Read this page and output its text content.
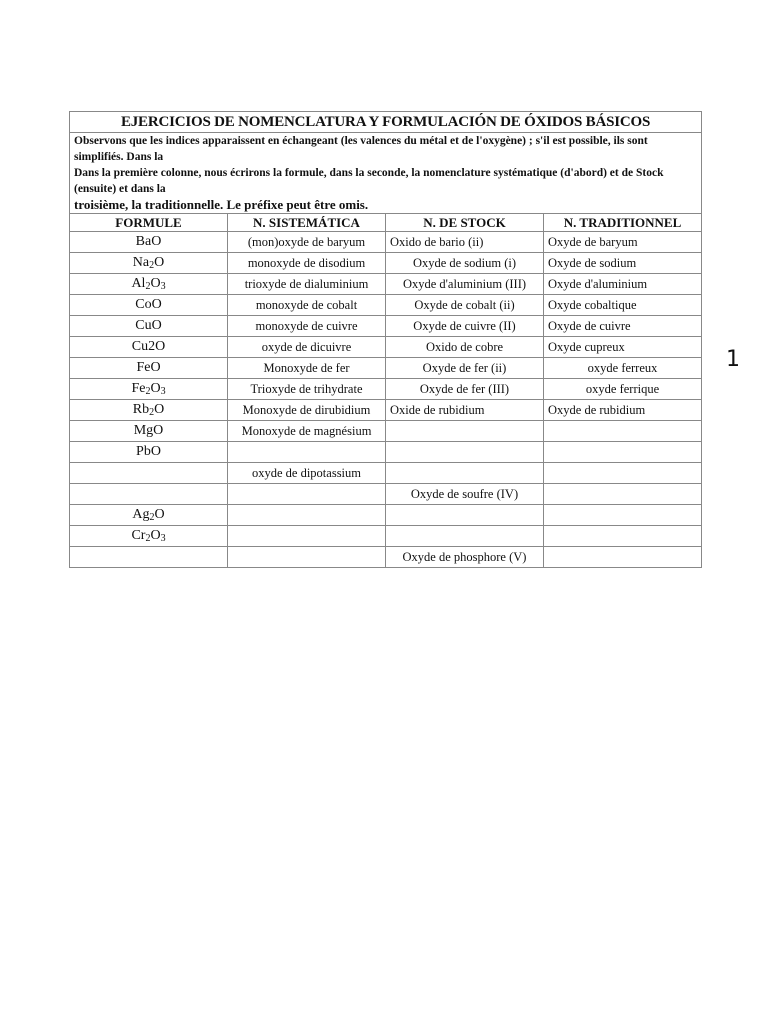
EJERCICIOS DE NOMENCLATURA Y FORMULACIÓN DE ÓXIDOS BÁSICOS			

Observons que les indices apparaissent en échangeant (les valences du métal et de l'oxygène) ; s'il est possible, ils sont simplifiés. Dans la
Dans la première colonne, nous écrirons la formule, dans la seconde, la nomenclature systématique (d'abord) et de Stock (ensuite) et dans la
troisième, la traditionnelle. Le préfixe peut être omis.			

FORMULE	N. SISTEMÁTICA	N. DE STOCK	N. TRADITIONNEL
BaO	(mon)oxyde de baryum	Oxido de bario (ii)	Oxyde de baryum
$Na_2O$	monoxyde de disodium	Oxyde de sodium (i)	Oxyde de sodium
$Al_2O_3$	trioxyde de dialuminium	Oxyde d'aluminium (III)	Oxyde d'aluminium
CoO	monoxyde de cobalt	Oxyde de cobalt (ii)	Oxyde cobaltique
CuO	monoxyde de cuivre	Oxyde de cuivre (II)	Oxyde de cuivre
Cu2O	oxyde de dicuivre	Oxido de cobre	Oxyde cupreux
FeO	Monoxyde de fer	Oxyde de fer (ii)	oxyde ferreux
$Fe_2O_3$	Trioxyde de trihydrate	Oxyde de fer (III)	oxyde ferrique
$Rb_2O$	Monoxyde de dirubidium	Oxide de rubidium	Oxyde de rubidium
MgO	Monoxyde de magnésium		
PbO			
	oxyde de dipotassium		
		Oxyde de soufre (IV)	
$Ag_2O$			
$Cr_2O_3$			
		Oxyde de phosphore (V)	
1
